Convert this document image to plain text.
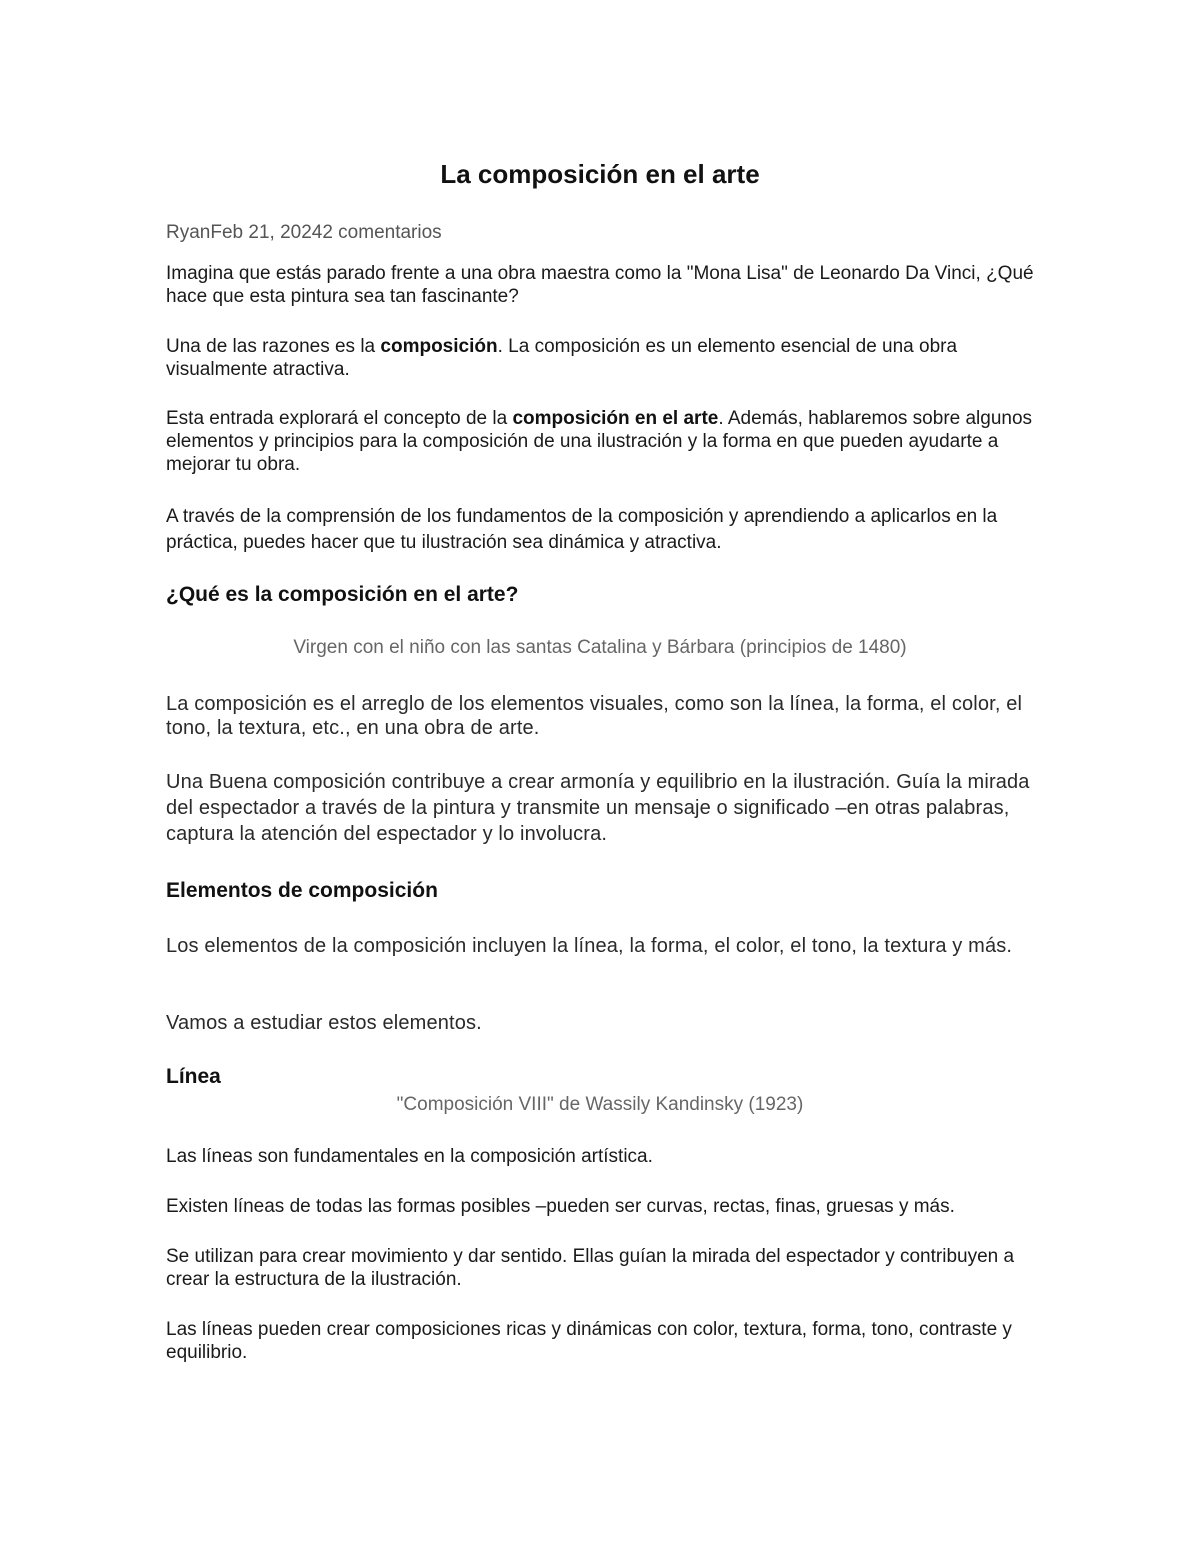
La composición en el arte

RyanFeb 21, 20242 comentarios

Imagina que estás parado frente a una obra maestra como la "Mona Lisa" de Leonardo Da Vinci, ¿Qué hace que esta pintura sea tan fascinante?

Una de las razones es la composición. La composición es un elemento esencial de una obra visualmente atractiva.

Esta entrada explorará el concepto de la composición en el arte. Además, hablaremos sobre algunos elementos y principios para la composición de una ilustración y la forma en que pueden ayudarte a mejorar tu obra.

A través de la comprensión de los fundamentos de la composición y aprendiendo a aplicarlos en la práctica, puedes hacer que tu ilustración sea dinámica y atractiva.

¿Qué es la composición en el arte?

Virgen con el niño con las santas Catalina y Bárbara (principios de 1480)

La composición es el arreglo de los elementos visuales, como son la línea, la forma, el color, el tono, la textura, etc., en una obra de arte.

Una Buena composición contribuye a crear armonía y equilibrio en la ilustración. Guía la mirada del espectador a través de la pintura y transmite un mensaje o significado –en otras palabras, captura la atención del espectador y lo involucra.

Elementos de composición

Los elementos de la composición incluyen la línea, la forma, el color, el tono, la textura y más.

Vamos a estudiar estos elementos.

Línea

"Composición VIII" de Wassily Kandinsky (1923)

Las líneas son fundamentales en la composición artística.

Existen líneas de todas las formas posibles –pueden ser curvas, rectas, finas, gruesas y más.

Se utilizan para crear movimiento y dar sentido. Ellas guían la mirada del espectador y contribuyen a crear la estructura de la ilustración.

Las líneas pueden crear composiciones ricas y dinámicas con color, textura, forma, tono, contraste y equilibrio.
